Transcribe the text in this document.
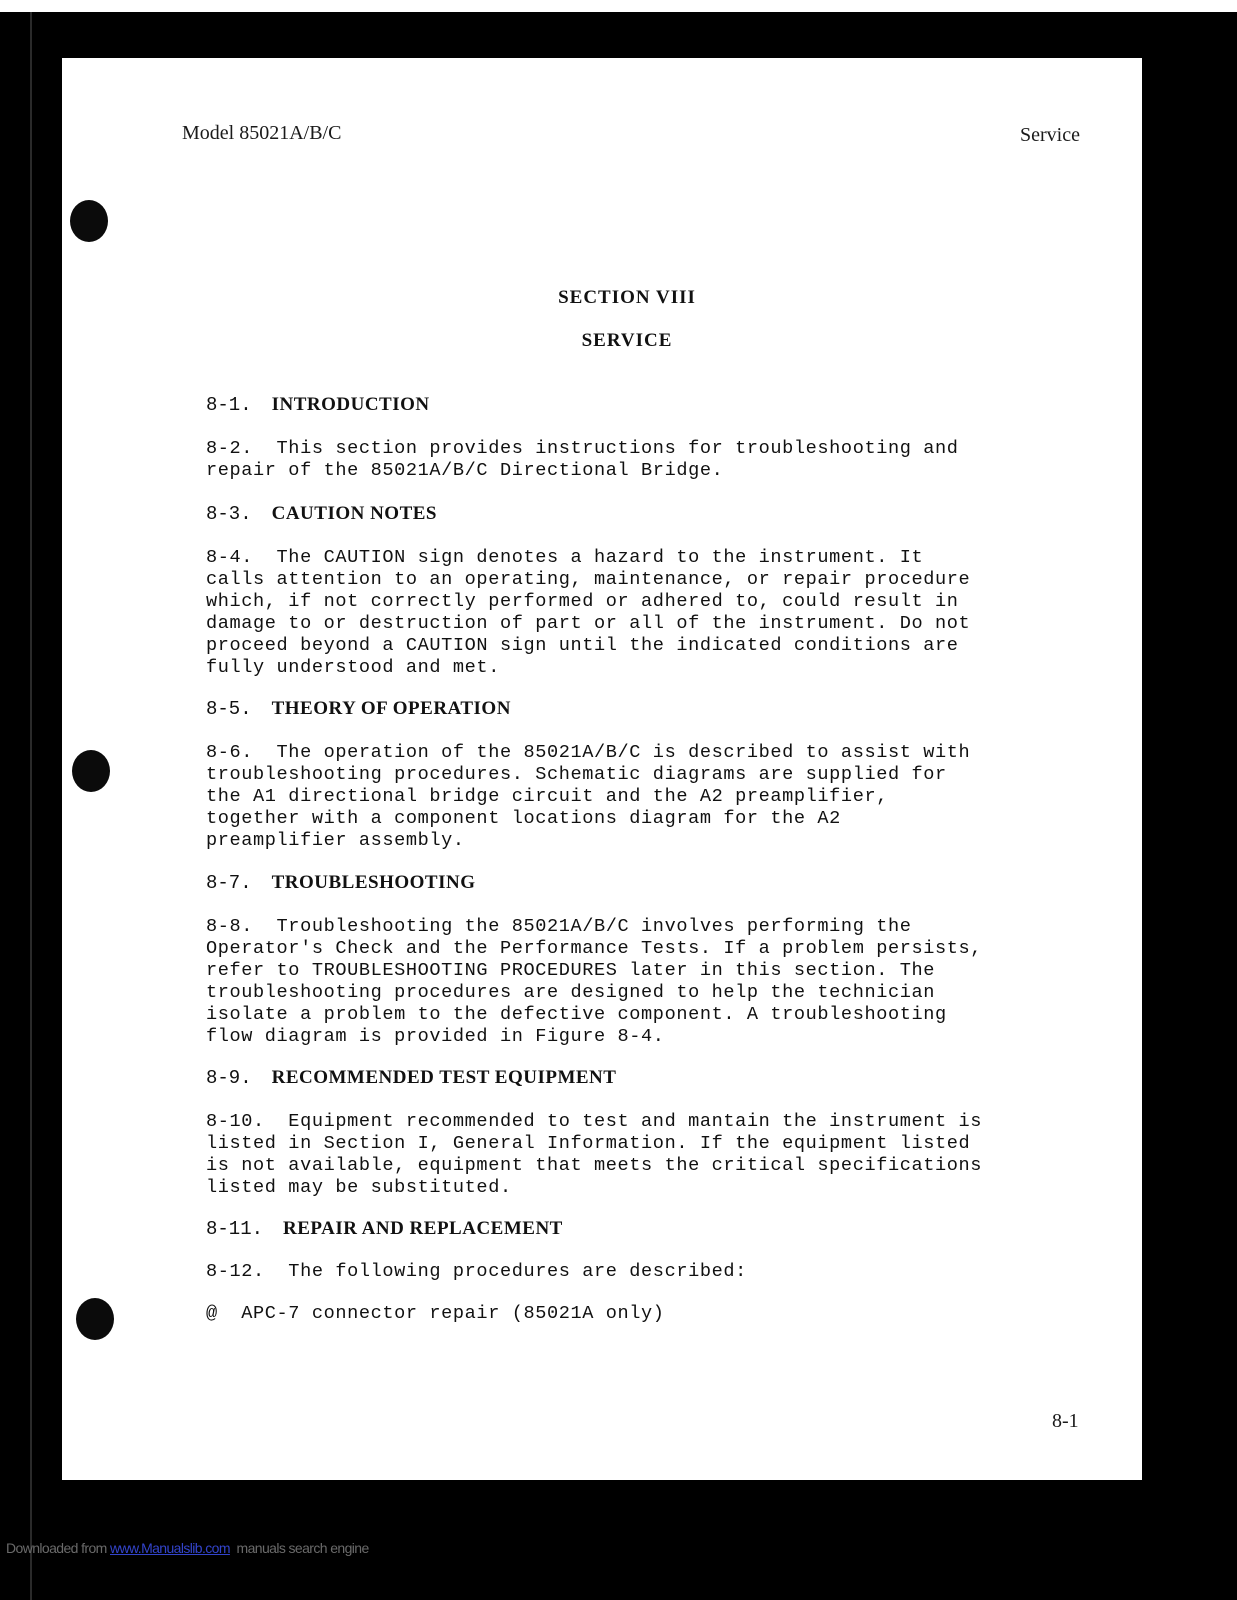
Model 85021A/B/C	Service
SECTION VIII
SERVICE
8-1. INTRODUCTION
8-2.  This section provides instructions for troubleshooting and
repair of the 85021A/B/C Directional Bridge.
8-3. CAUTION NOTES
8-4.  The CAUTION sign denotes a hazard to the instrument. It
calls attention to an operating, maintenance, or repair procedure
which, if not correctly performed or adhered to, could result in
damage to or destruction of part or all of the instrument. Do not
proceed beyond a CAUTION sign until the indicated conditions are
fully understood and met.
8-5. THEORY OF OPERATION
8-6.  The operation of the 85021A/B/C is described to assist with
troubleshooting procedures. Schematic diagrams are supplied for
the A1 directional bridge circuit and the A2 preamplifier,
together with a component locations diagram for the A2
preamplifier assembly.
8-7. TROUBLESHOOTING
8-8.  Troubleshooting the 85021A/B/C involves performing the
Operator's Check and the Performance Tests. If a problem persists,
refer to TROUBLESHOOTING PROCEDURES later in this section. The
troubleshooting procedures are designed to help the technician
isolate a problem to the defective component. A troubleshooting
flow diagram is provided in Figure 8-4.
8-9. RECOMMENDED TEST EQUIPMENT
8-10.  Equipment recommended to test and mantain the instrument is
listed in Section I, General Information. If the equipment listed
is not available, equipment that meets the critical specifications
listed may be substituted.
8-11. REPAIR AND REPLACEMENT
8-12.  The following procedures are described:
@  APC-7 connector repair (85021A only)
8-1
Downloaded from www.Manualslib.com  manuals search engine
